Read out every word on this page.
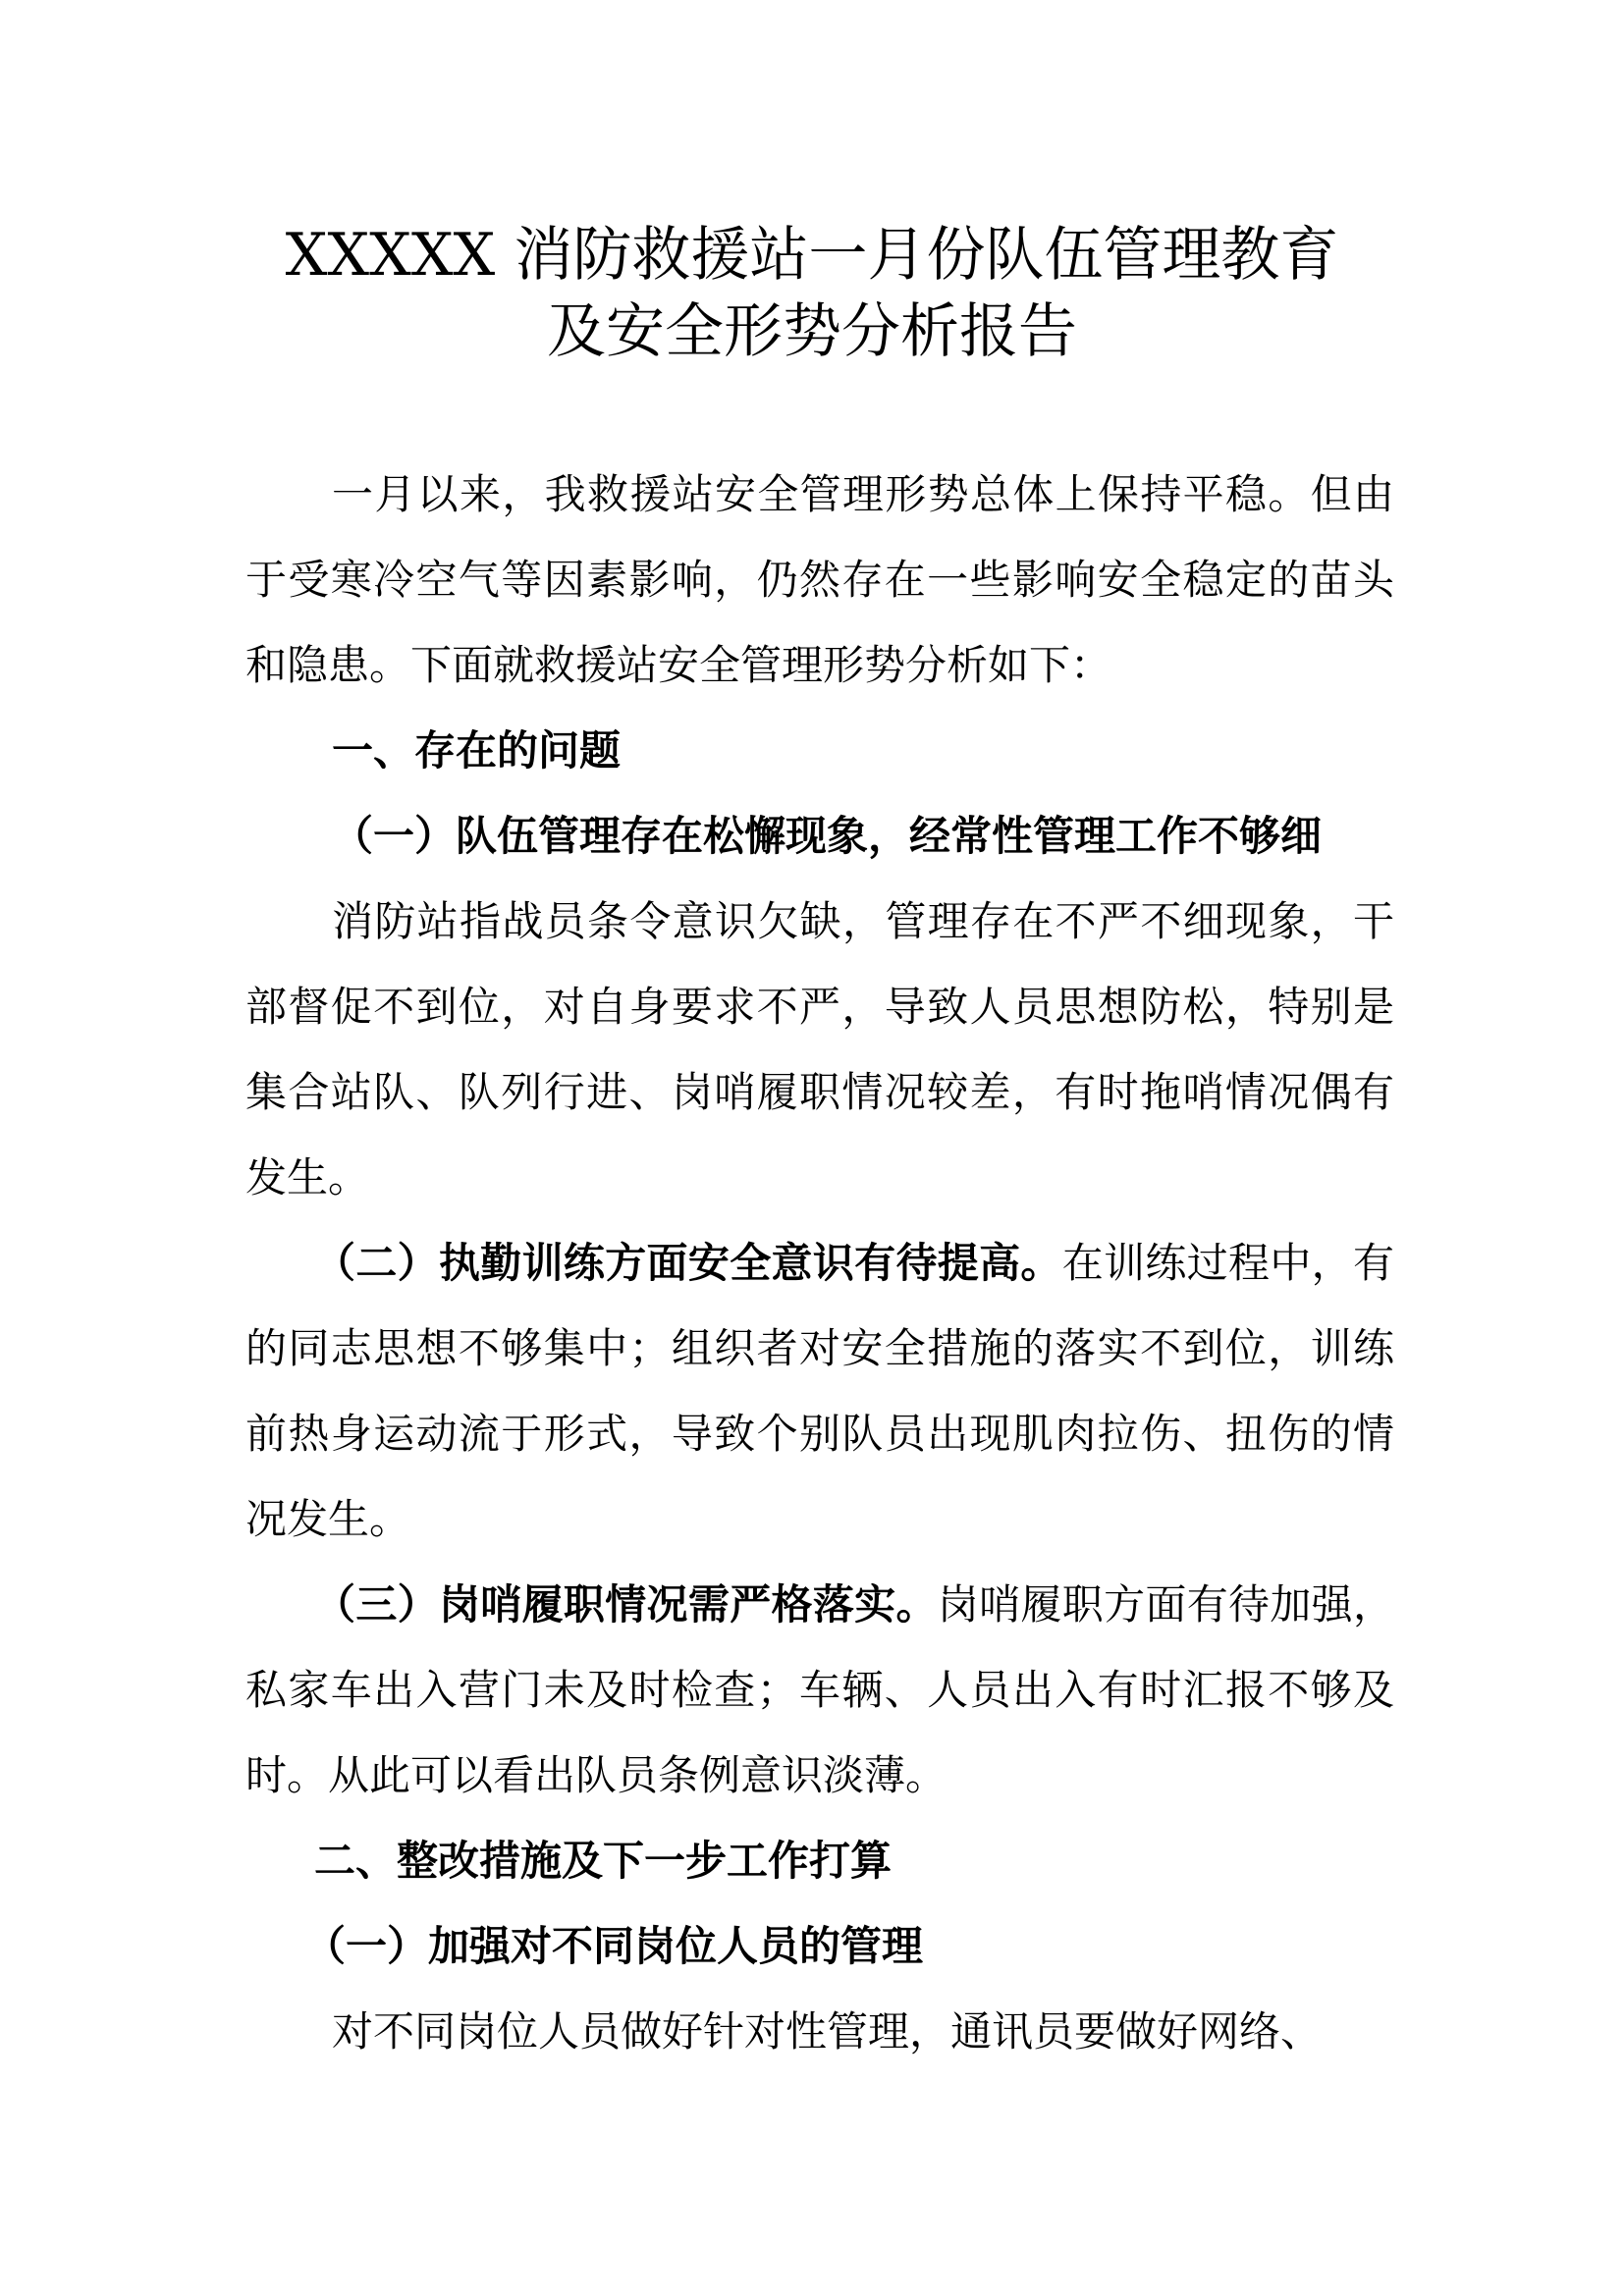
XXXXX 消防救援站一月份队伍管理教育
及安全形势分析报告

一月以来，我救援站安全管理形势总体上保持平稳。但由于受寒冷空气等因素影响，仍然存在一些影响安全稳定的苗头和隐患。下面就救援站安全管理形势分析如下：

一、存在的问题

（一）队伍管理存在松懈现象，经常性管理工作不够细

消防站指战员条令意识欠缺，管理存在不严不细现象，干部督促不到位，对自身要求不严，导致人员思想防松，特别是集合站队、队列行进、岗哨履职情况较差，有时拖哨情况偶有发生。

（二）执勤训练方面安全意识有待提高。在训练过程中，有的同志思想不够集中；组织者对安全措施的落实不到位，训练前热身运动流于形式，导致个别队员出现肌肉拉伤、扭伤的情况发生。

（三）岗哨履职情况需严格落实。岗哨履职方面有待加强，私家车出入营门未及时检查；车辆、人员出入有时汇报不够及时。从此可以看出队员条例意识淡薄。

二、整改措施及下一步工作打算

（一）加强对不同岗位人员的管理

对不同岗位人员做好针对性管理，通讯员要做好网络、
